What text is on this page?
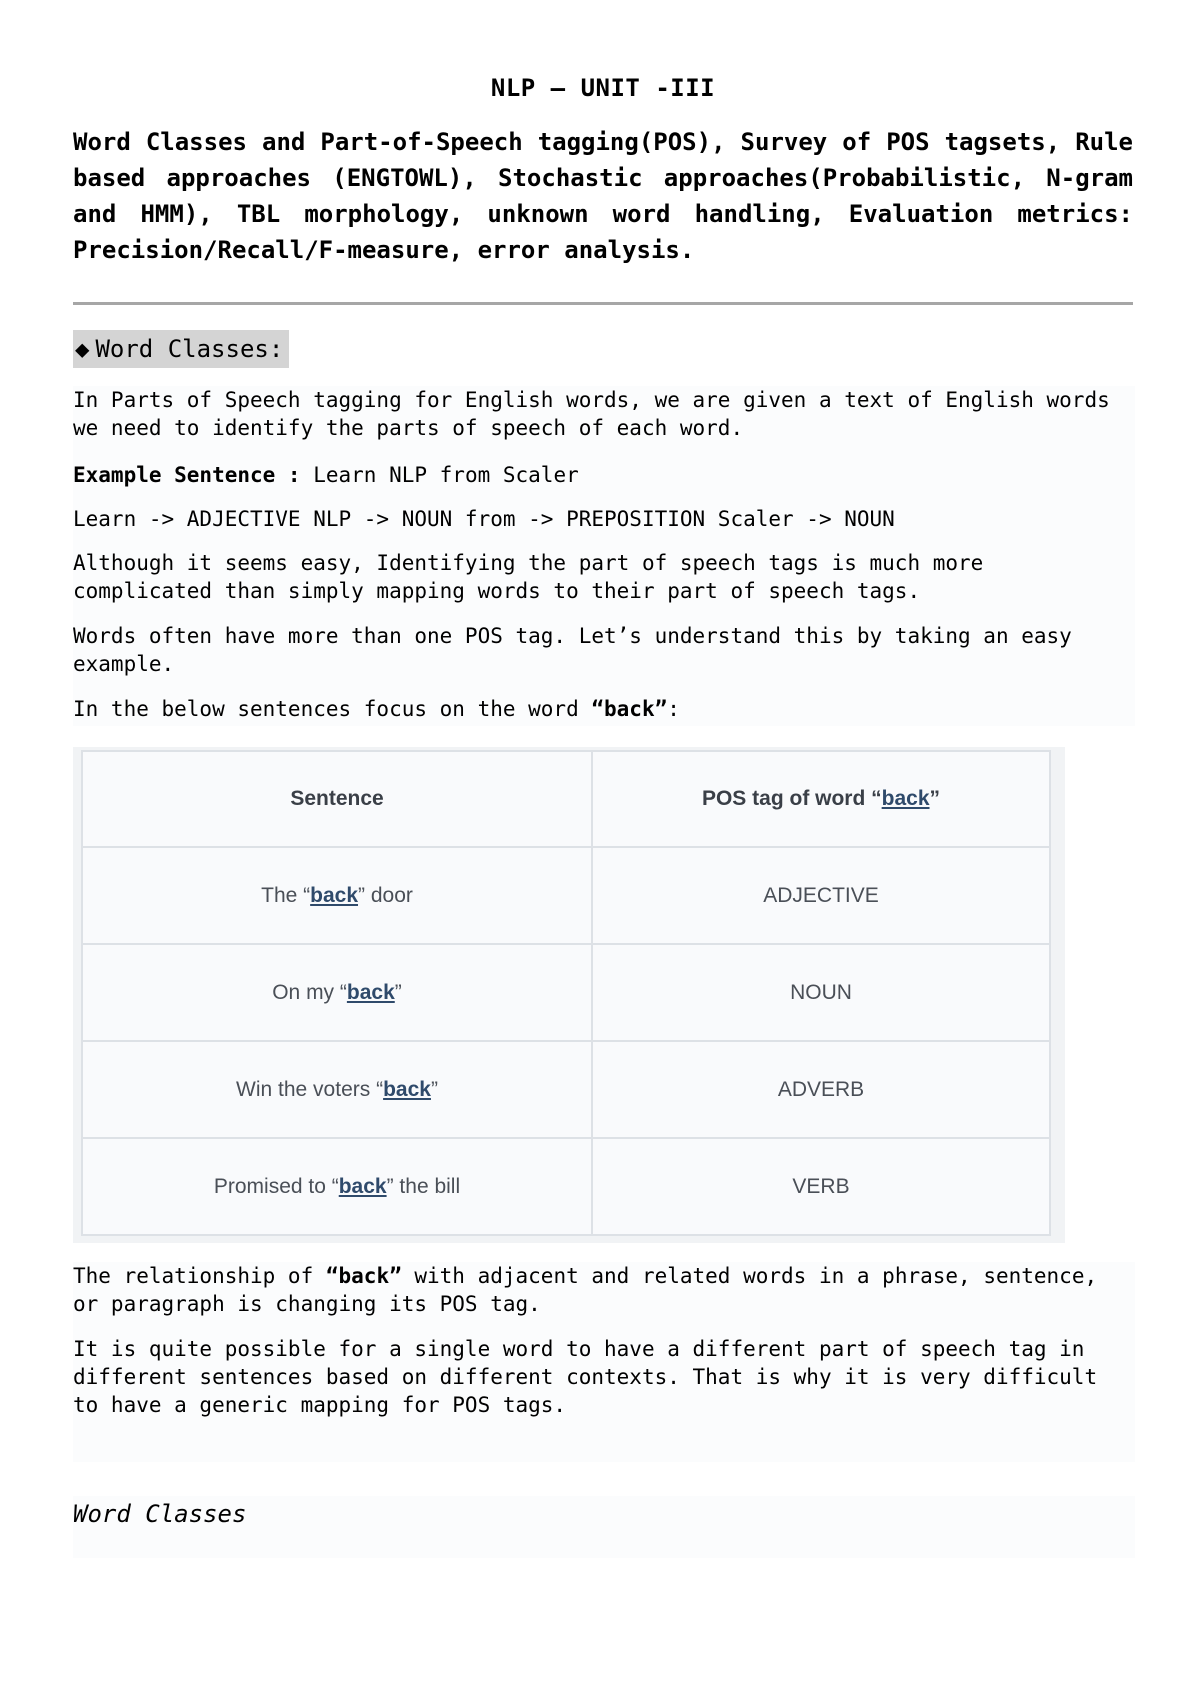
NLP – UNIT -III
Word Classes and Part-of-Speech tagging(POS), Survey of POS tagsets, Rule based approaches (ENGTOWL), Stochastic approaches(Probabilistic, N-gram and HMM), TBL morphology, unknown word handling, Evaluation metrics: Precision/Recall/F-measure, error analysis.
◆ Word Classes:

In Parts of Speech tagging for English words, we are given a text of English words we need to identify the parts of speech of each word.

Example Sentence : Learn NLP from Scaler

Learn -> ADJECTIVE NLP -> NOUN from -> PREPOSITION Scaler -> NOUN

Although it seems easy, Identifying the part of speech tags is much more complicated than simply mapping words to their part of speech tags.

Words often have more than one POS tag. Let’s understand this by taking an easy example.

In the below sentences focus on the word “back”:

Sentence	POS tag of word “back”
The “back” door	ADJECTIVE
On my “back”	NOUN
Win the voters “back”	ADVERB
Promised to “back” the bill	VERB

The relationship of “back” with adjacent and related words in a phrase, sentence, or paragraph is changing its POS tag.

It is quite possible for a single word to have a different part of speech tag in different sentences based on different contexts. That is why it is very difficult to have a generic mapping for POS tags.

Word Classes
